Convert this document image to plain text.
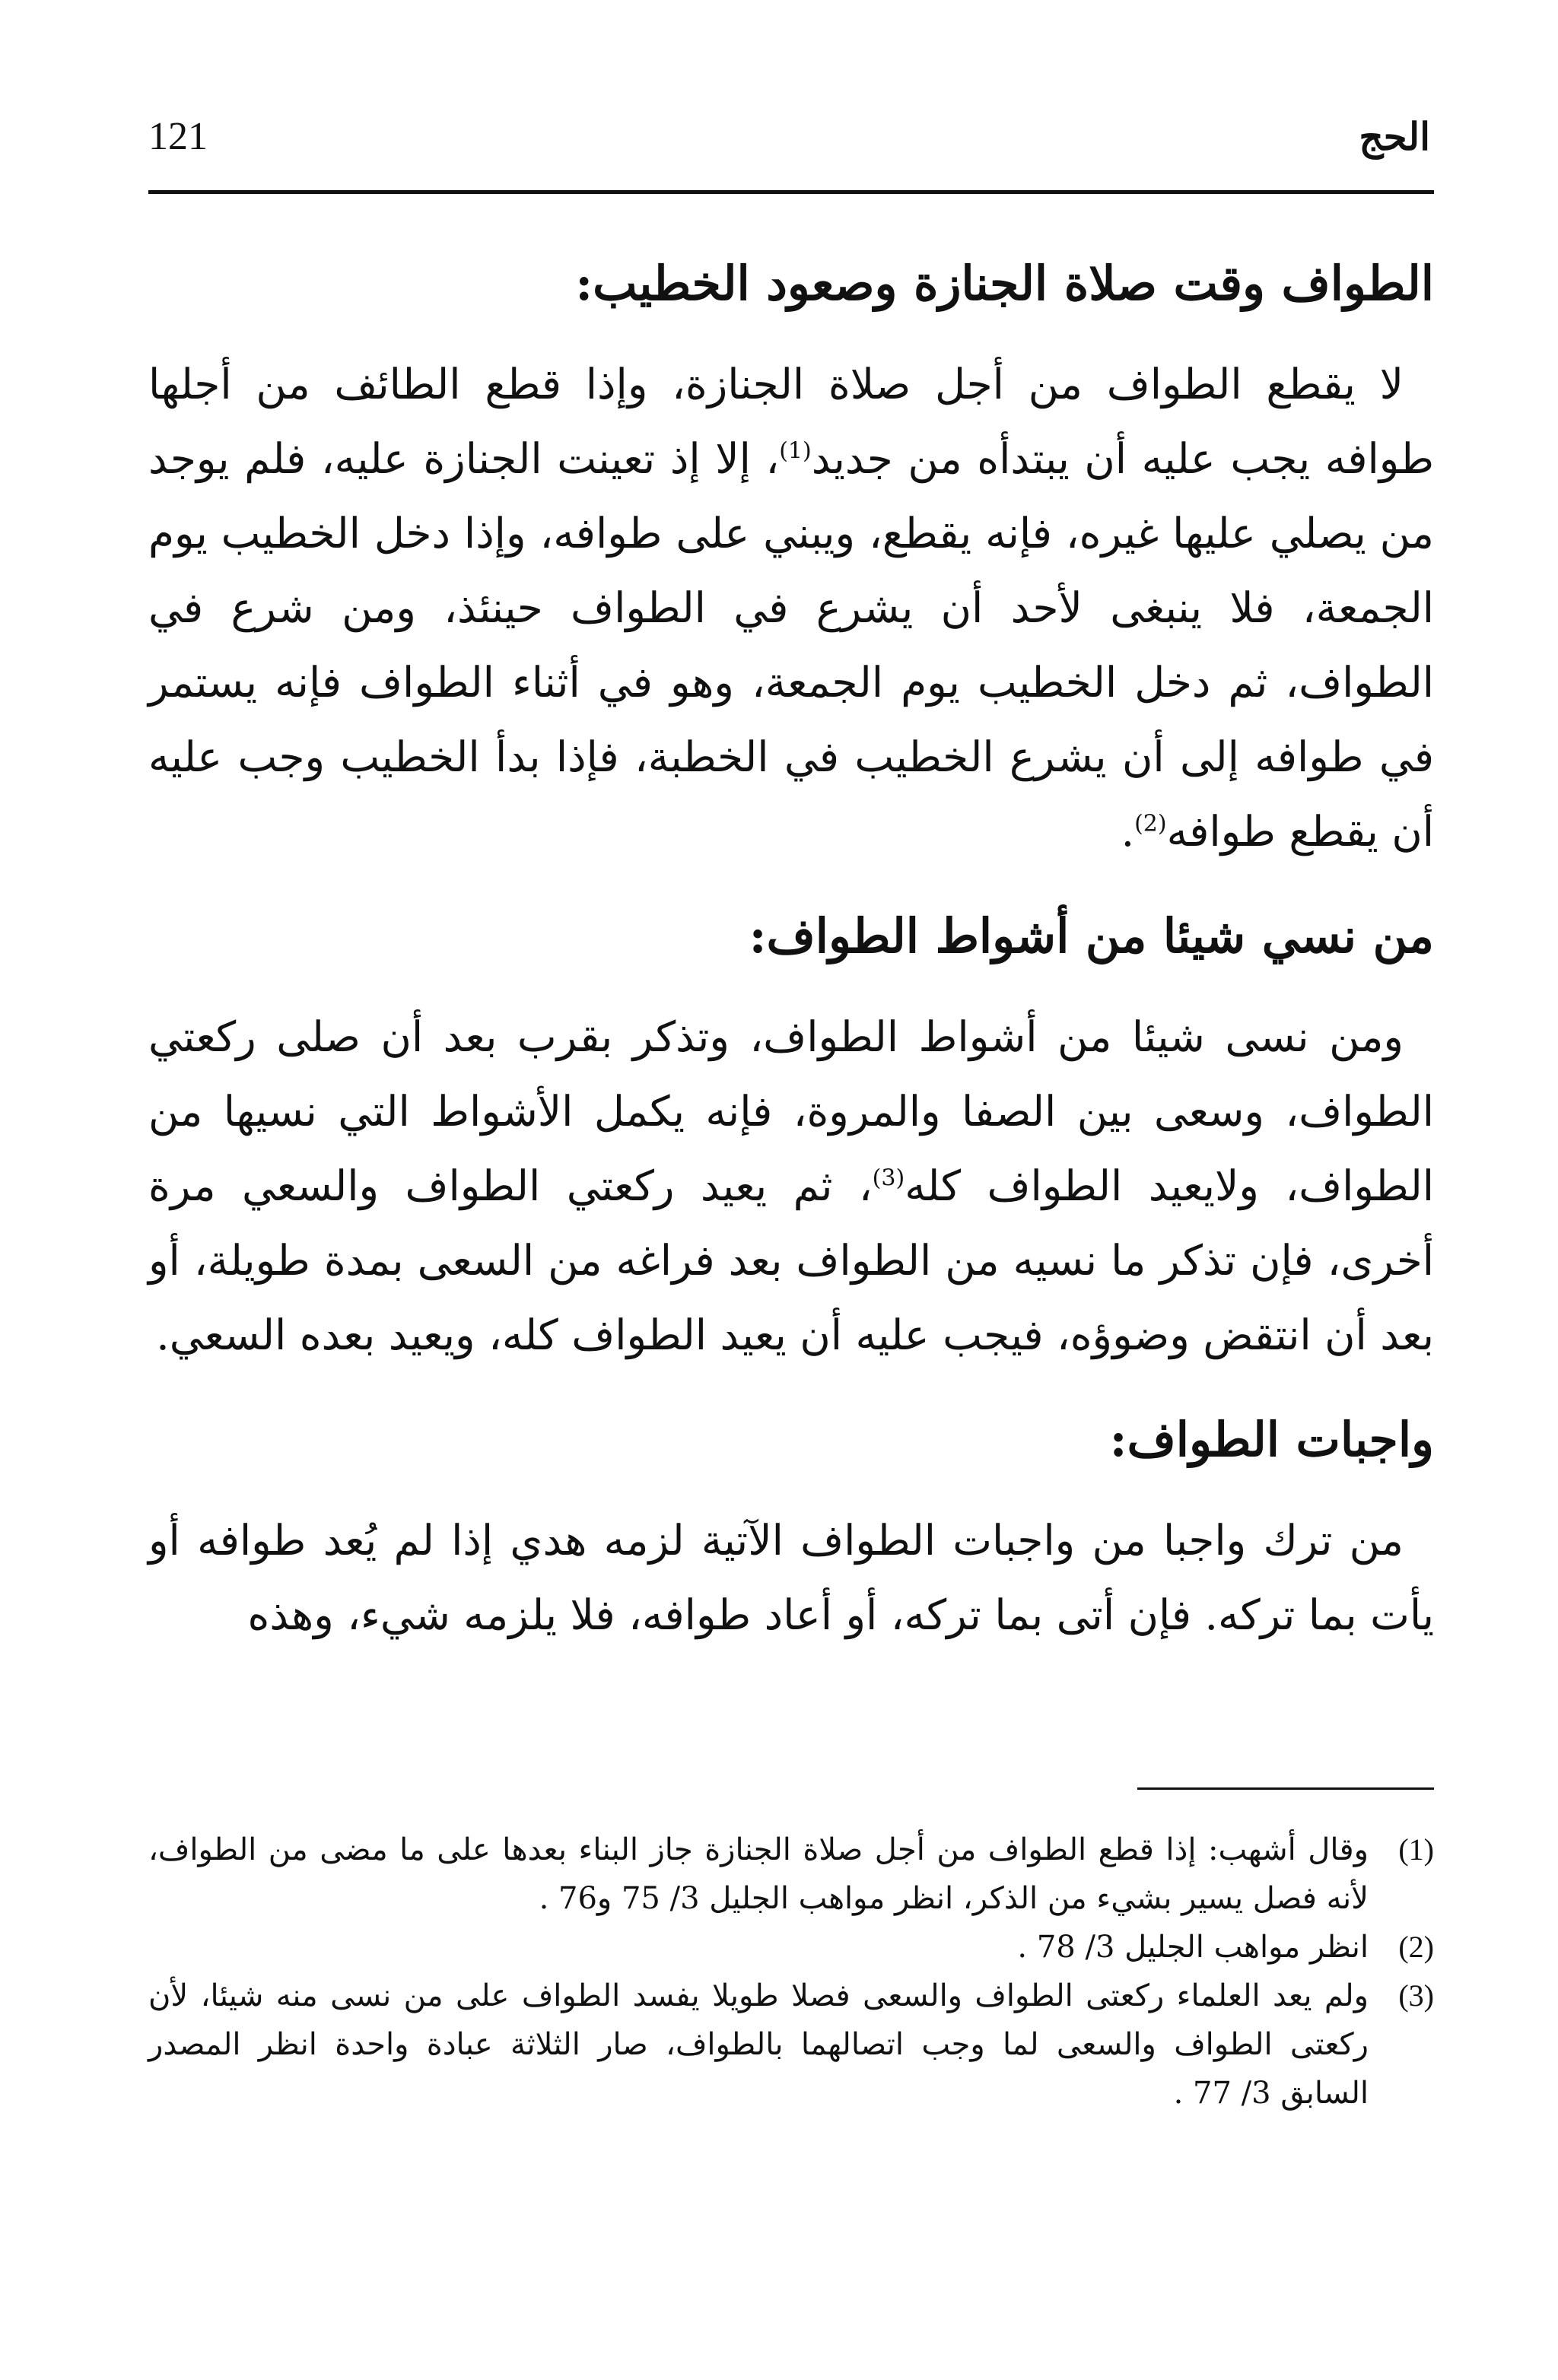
121	الحج
الطواف وقت صلاة الجنازة وصعود الخطيب:

لا يقطع الطواف من أجل صلاة الجنازة، وإذا قطع الطائف من أجلها طوافه يجب عليه أن يبتدأه من جديد$^{(1)}$، إلا إذ تعينت الجنازة عليه، فلم يوجد من يصلي عليها غيره، فإنه يقطع، ويبني على طوافه، وإذا دخل الخطيب يوم الجمعة، فلا ينبغى لأحد أن يشرع في الطواف حينئذ، ومن شرع في الطواف، ثم دخل الخطيب يوم الجمعة، وهو في أثناء الطواف فإنه يستمر في طوافه إلى أن يشرع الخطيب في الخطبة، فإذا بدأ الخطيب وجب عليه أن يقطع طوافه$^{(2)}$.

من نسي شيئا من أشواط الطواف:

ومن نسى شيئا من أشواط الطواف، وتذكر بقرب بعد أن صلى ركعتي الطواف، وسعى بين الصفا والمروة، فإنه يكمل الأشواط التي نسيها من الطواف، ولايعيد الطواف كله$^{(3)}$، ثم يعيد ركعتي الطواف والسعي مرة أخرى، فإن تذكر ما نسيه من الطواف بعد فراغه من السعى بمدة طويلة، أو بعد أن انتقض وضوؤه، فيجب عليه أن يعيد الطواف كله، ويعيد بعده السعي.

واجبات الطواف:

من ترك واجبا من واجبات الطواف الآتية لزمه هدي إذا لم يُعد طوافه أو يأت بما تركه. فإن أتى بما تركه، أو أعاد طوافه، فلا يلزمه شيء، وهذه

(1)
وقال أشهب: إذا قطع الطواف من أجل صلاة الجنازة جاز البناء بعدها على ما مضى من الطواف، لأنه فصل يسير بشيء من الذكر، انظر مواهب الجليل 3/ 75 و76 .
(2)
انظر مواهب الجليل 3/ 78 .
(3)
ولم يعد العلماء ركعتى الطواف والسعى فصلا طويلا يفسد الطواف على من نسى منه شيئا، لأن ركعتى الطواف والسعى لما وجب اتصالهما بالطواف، صار الثلاثة عبادة واحدة انظر المصدر السابق 3/ 77 .
